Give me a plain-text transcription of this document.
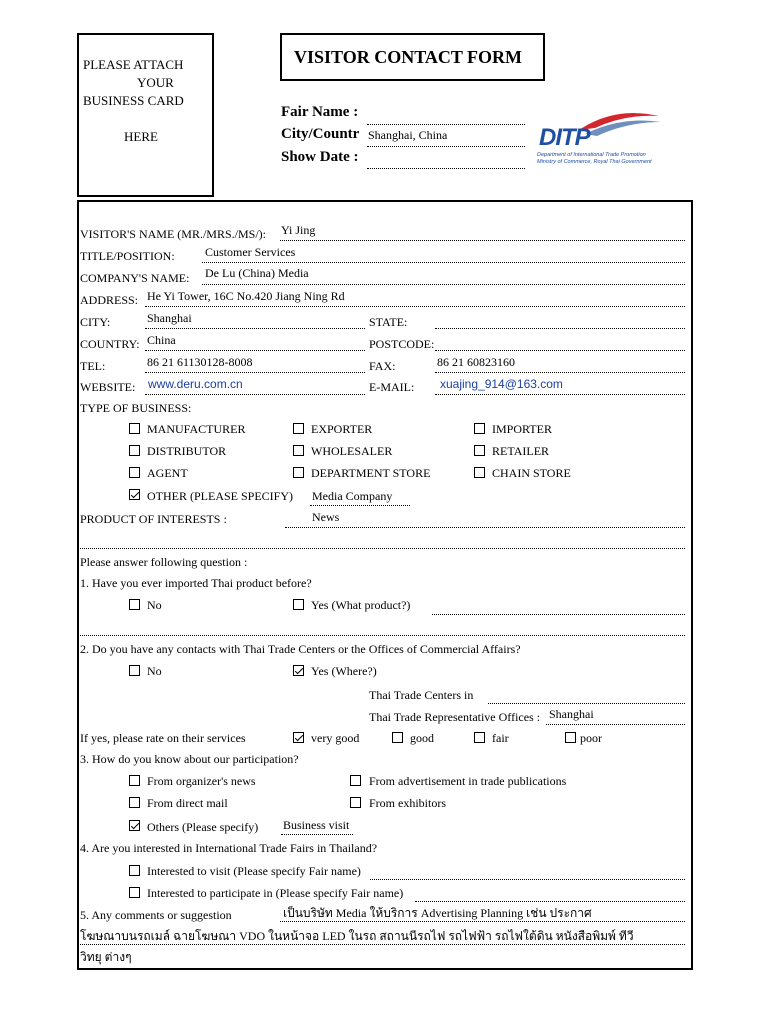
PLEASE ATTACH
YOUR
BUSINESS CARD
HERE
VISITOR CONTACT FORM
Fair Name :
City/Countr Shanghai, China
Show Date :
DITP
Department of International Trade Promotion
Ministry of Commerce, Royal Thai Government
VISITOR'S NAME (MR./MRS./MS/): Yi Jing
TITLE/POSITION:	Customer Services
COMPANY'S NAME: De Lu (China) Media
ADDRESS: He Yi Tower, 16C No.420 Jiang Ning Rd
CITY:	Shanghai	STATE:
COUNTRY: China	POSTCODE:
TEL:	86 21 61130128-8008	FAX:	86 21 60823160
WEBSITE: www.deru.com.cn	E-MAIL: xuajing_914@163.com
TYPE OF BUSINESS:
MANUFACTURER	EXPORTER	IMPORTER
DISTRIBUTOR	WHOLESALER	RETAILER
AGENT	DEPARTMENT STORE	CHAIN STORE
OTHER (PLEASE SPECIFY) Media Company
PRODUCT OF INTERESTS :	News
Please answer following question :
1. Have you ever imported Thai product before?
No	Yes (What product?)
2. Do you have any contacts with Thai Trade Centers or the Offices of Commercial Affairs?
No	Yes (Where?)
Thai Trade Centers in
Thai Trade Representative Offices : Shanghai
If yes, please rate on their services	very good	good	fair	poor
3. How do you know about our participation?
From organizer's news	From advertisement in trade publications
From direct mail	From exhibitors
Others (Please specify) Business visit
4. Are you interested in International Trade Fairs in Thailand?
Interested to visit (Please specify Fair name)
Interested to participate in (Please specify Fair name)
5. Any comments or suggestion	เป็นบริษัท Media ให้บริการ Advertising Planning เช่น ประกาศ
โฆษณาบนรถเมล์ ฉายโฆษณา VDO ในหน้าจอ LED ในรถ สถานนีรถไฟ รถไฟฟ้า รถไฟใต้ดิน หนังสือพิมพ์ ทีวี
วิทยุ ต่างๆ
